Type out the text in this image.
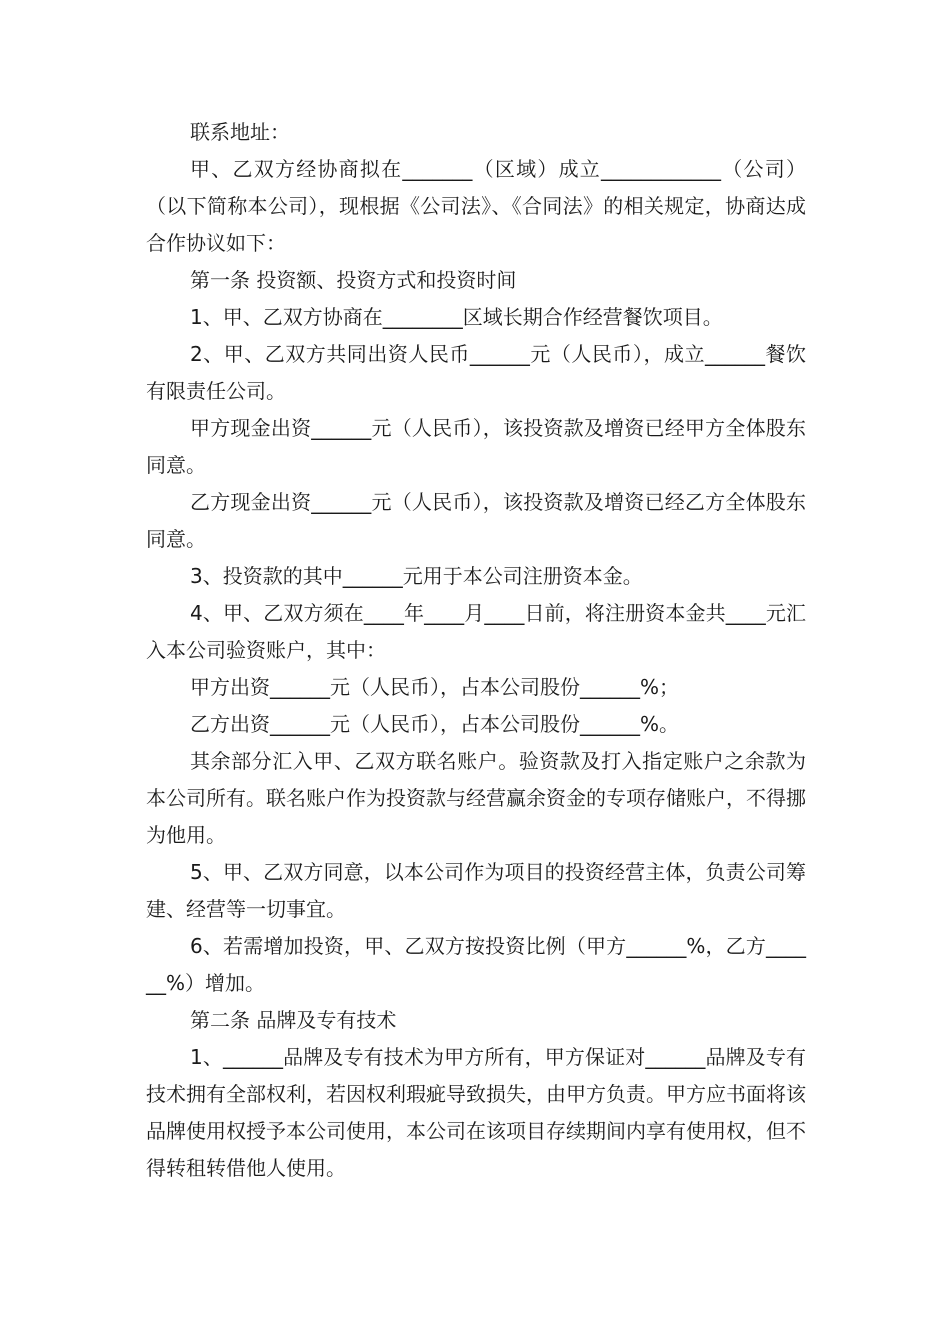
联系地址：

甲、乙双方经协商拟在_______（区域）成立____________（公司）（以下简称本公司），现根据《公司法》、《合同法》的相关规定，协商达成合作协议如下：

第一条 投资额、投资方式和投资时间

1、甲、乙双方协商在________区域长期合作经营餐饮项目。

2、甲、乙双方共同出资人民币______元（人民币），成立______餐饮有限责任公司。

甲方现金出资______元（人民币），该投资款及增资已经甲方全体股东同意。

乙方现金出资______元（人民币），该投资款及增资已经乙方全体股东同意。

3、投资款的其中______元用于本公司注册资本金。

4、甲、乙双方须在____年____月____日前，将注册资本金共____元汇入本公司验资账户，其中：

甲方出资______元（人民币），占本公司股份______%；

乙方出资______元（人民币），占本公司股份______%。

其余部分汇入甲、乙双方联名账户。验资款及打入指定账户之余款为本公司所有。联名账户作为投资款与经营赢余资金的专项存储账户，不得挪为他用。

5、甲、乙双方同意，以本公司作为项目的投资经营主体，负责公司筹建、经营等一切事宜。

6、若需增加投资，甲、乙双方按投资比例（甲方______%，乙方______%）增加。

第二条 品牌及专有技术

1、______品牌及专有技术为甲方所有，甲方保证对______品牌及专有技术拥有全部权利，若因权利瑕疵导致损失，由甲方负责。甲方应书面将该品牌使用权授予本公司使用，本公司在该项目存续期间内享有使用权，但不得转租转借他人使用。
